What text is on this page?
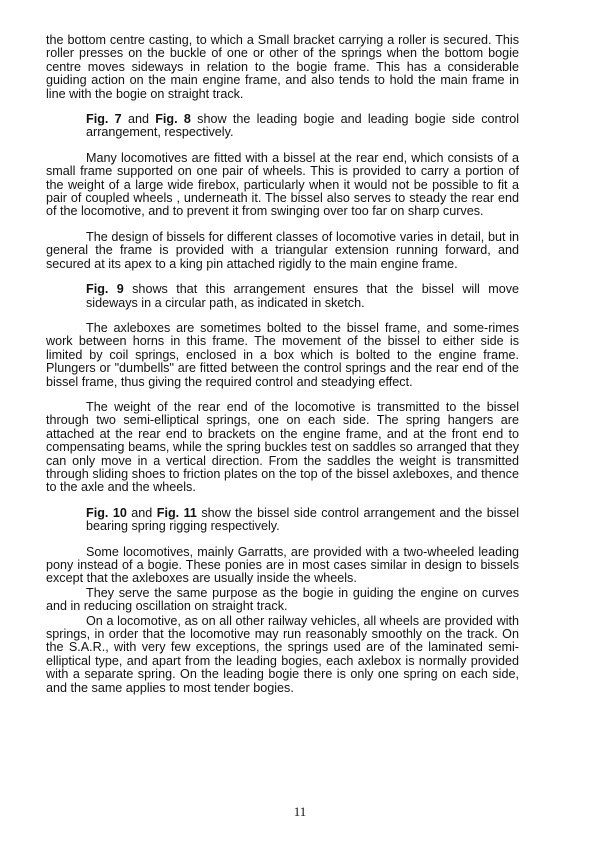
the bottom centre casting, to which a Small bracket carrying a roller is secured. This roller presses on the buckle of one or other of the springs when the bottom bogie centre moves sideways in relation to the bogie frame. This has a considerable guiding action on the main engine frame, and also tends to hold the main frame in line with the bogie on straight track.

Fig. 7 and Fig. 8 show the leading bogie and leading bogie side control arrangement, respectively.

Many locomotives are fitted with a bissel at the rear end, which consists of a small frame supported on one pair of wheels. This is provided to carry a portion of the weight of a large wide firebox, particularly when it would not be possible to fit a pair of coupled wheels , underneath it. The bissel also serves to steady the rear end of the locomotive, and to prevent it from swinging over too far on sharp curves.

The design of bissels for different classes of locomotive varies in detail, but in general the frame is provided with a triangular extension running forward, and secured at its apex to a king pin attached rigidly to the main engine frame.

Fig. 9 shows that this arrangement ensures that the bissel will move sideways in a circular path, as indicated in sketch.

The axleboxes are sometimes bolted to the bissel frame, and some-rimes work between horns in this frame. The movement of the bissel to either side is limited by coil springs, enclosed in a box which is bolted to the engine frame. Plungers or "dumbells" are fitted between the control springs and the rear end of the bissel frame, thus giving the required control and steadying effect.

The weight of the rear end of the locomotive is transmitted to the bissel through two semi-elliptical springs, one on each side. The spring hangers are attached at the rear end to brackets on the engine frame, and at the front end to compensating beams, while the spring buckles test on saddles so arranged that they can only move in a vertical direction. From the saddles the weight is transmitted through sliding shoes to friction plates on the top of the bissel axleboxes, and thence to the axle and the wheels.

Fig. 10 and Fig. 11 show the bissel side control arrangement and the bissel bearing spring rigging respectively.

Some locomotives, mainly Garratts, are provided with a two-wheeled leading pony instead of a bogie. These ponies are in most cases similar in design to bissels except that the axleboxes are usually inside the wheels.

They serve the same purpose as the bogie in guiding the engine on curves and in reducing oscillation on straight track.

On a locomotive, as on all other railway vehicles, all wheels are provided with springs, in order that the locomotive may run reasonably smoothly on the track. On the S.A.R., with very few exceptions, the springs used are of the laminated semi-elliptical type, and apart from the leading bogies, each axlebox is normally provided with a separate spring. On the leading bogie there is only one spring on each side, and the same applies to most tender bogies.

11
